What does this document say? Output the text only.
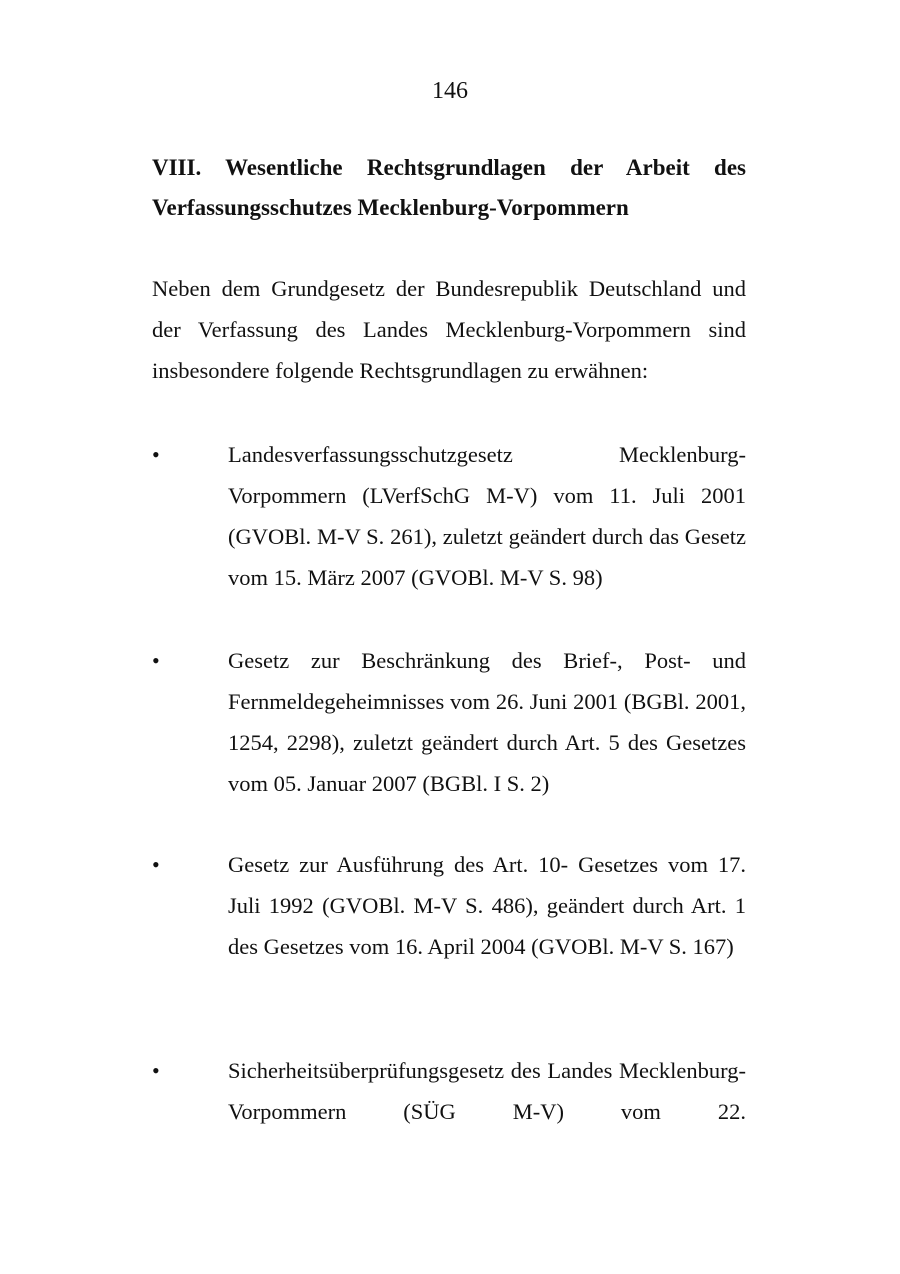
146
VIII. Wesentliche Rechtsgrundlagen der Arbeit des
Verfassungsschutzes Mecklenburg-Vorpommern

Neben dem Grundgesetz der Bundesrepublik Deutschland und der Verfassung des Landes Mecklenburg-Vorpommern sind insbesondere folgende Rechtsgrundlagen zu erwähnen:

•	Landesverfassungsschutzgesetz Mecklenburg-Vorpommern (LVerfSchG M-V) vom 11. Juli 2001 (GVOBl. M-V S. 261), zuletzt geändert durch das Gesetz vom 15. März 2007 (GVOBl. M-V S. 98)

•	Gesetz zur Beschränkung des Brief-, Post- und Fernmeldegeheimnisses vom 26. Juni 2001 (BGBl. 2001, 1254, 2298), zuletzt geändert durch Art. 5 des Gesetzes vom 05. Januar 2007 (BGBl. I S. 2)

•	Gesetz zur Ausführung des Art. 10- Gesetzes vom 17. Juli 1992 (GVOBl. M-V S. 486), geändert durch Art. 1 des Gesetzes vom 16. April 2004 (GVOBl. M-V S. 167)

•	Sicherheitsüberprüfungsgesetz des Landes Mecklenburg-Vorpommern (SÜG M-V) vom 22.
